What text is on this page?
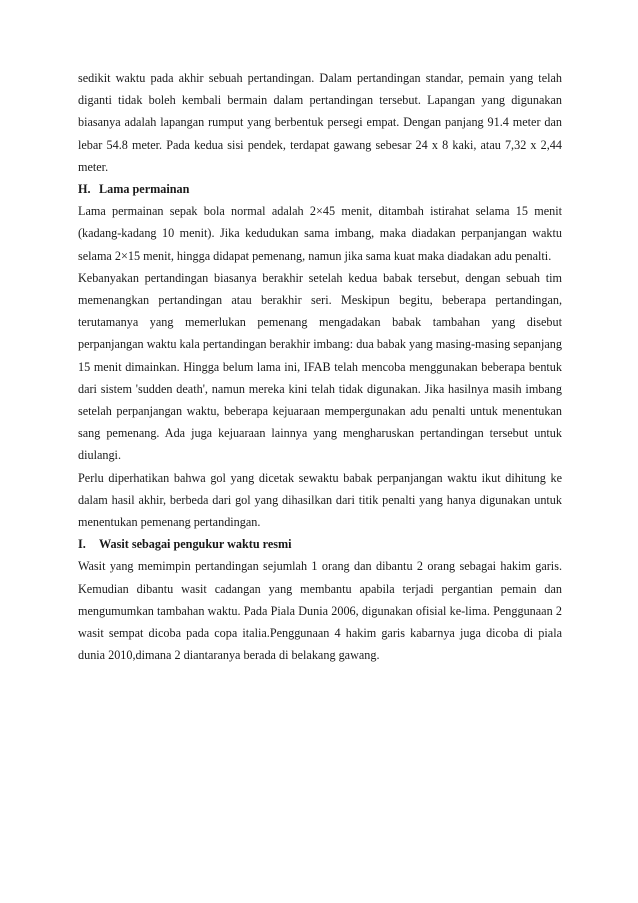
sedikit waktu pada akhir sebuah pertandingan. Dalam pertandingan standar, pemain yang telah diganti tidak boleh kembali bermain dalam pertandingan tersebut. Lapangan yang digunakan biasanya adalah lapangan rumput yang berbentuk persegi empat. Dengan panjang 91.4 meter dan lebar 54.8 meter. Pada kedua sisi pendek, terdapat gawang sebesar 24 x 8 kaki, atau 7,32 x 2,44 meter.

H. Lama permainan

Lama permainan sepak bola normal adalah 2×45 menit, ditambah istirahat selama 15 menit (kadang-kadang 10 menit). Jika kedudukan sama imbang, maka diadakan perpanjangan waktu selama 2×15 menit, hingga didapat pemenang, namun jika sama kuat maka diadakan adu penalti.

Kebanyakan pertandingan biasanya berakhir setelah kedua babak tersebut, dengan sebuah tim memenangkan pertandingan atau berakhir seri. Meskipun begitu, beberapa pertandingan, terutamanya yang memerlukan pemenang mengadakan babak tambahan yang disebut perpanjangan waktu kala pertandingan berakhir imbang: dua babak yang masing-masing sepanjang 15 menit dimainkan. Hingga belum lama ini, IFAB telah mencoba menggunakan beberapa bentuk dari sistem 'sudden death', namun mereka kini telah tidak digunakan. Jika hasilnya masih imbang setelah perpanjangan waktu, beberapa kejuaraan mempergunakan adu penalti untuk menentukan sang pemenang. Ada juga kejuaraan lainnya yang mengharuskan pertandingan tersebut untuk diulangi.

Perlu diperhatikan bahwa gol yang dicetak sewaktu babak perpanjangan waktu ikut dihitung ke dalam hasil akhir, berbeda dari gol yang dihasilkan dari titik penalti yang hanya digunakan untuk menentukan pemenang pertandingan.

I.	Wasit sebagai pengukur waktu resmi

Wasit yang memimpin pertandingan sejumlah 1 orang dan dibantu 2 orang sebagai hakim garis. Kemudian dibantu wasit cadangan yang membantu apabila terjadi pergantian pemain dan mengumumkan tambahan waktu. Pada Piala Dunia 2006, digunakan ofisial ke-lima. Penggunaan 2 wasit sempat dicoba pada copa italia.Penggunaan 4 hakim garis kabarnya juga dicoba di piala dunia 2010,dimana 2 diantaranya berada di belakang gawang.
